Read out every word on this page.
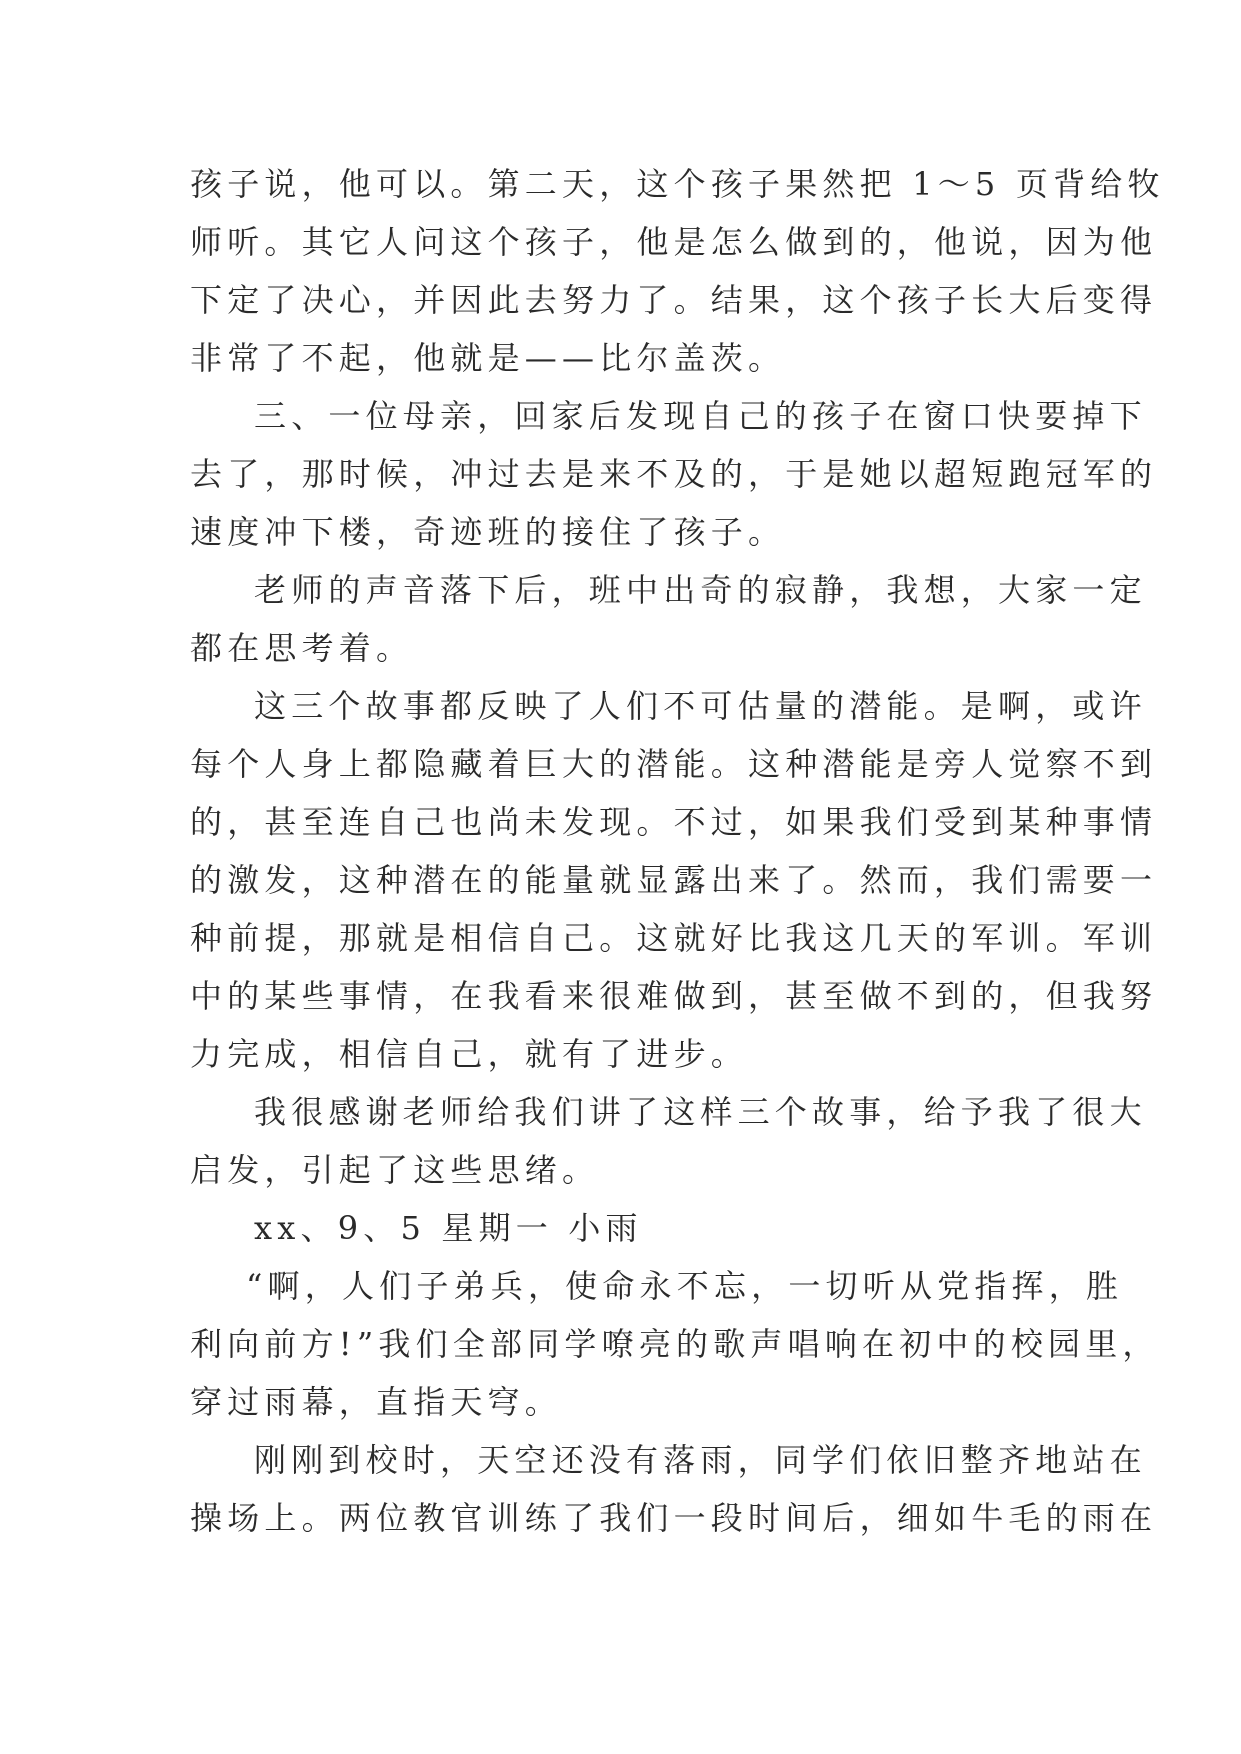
孩子说，他可以。第二天，这个孩子果然把 1～5 页背给牧
师听。其它人问这个孩子，他是怎么做到的，他说，因为他
下定了决心，并因此去努力了。结果，这个孩子长大后变得
非常了不起，他就是——比尔盖茨。
三、一位母亲，回家后发现自己的孩子在窗口快要掉下
去了，那时候，冲过去是来不及的，于是她以超短跑冠军的
速度冲下楼，奇迹班的接住了孩子。
老师的声音落下后，班中出奇的寂静，我想，大家一定
都在思考着。
这三个故事都反映了人们不可估量的潜能。是啊，或许
每个人身上都隐藏着巨大的潜能。这种潜能是旁人觉察不到
的，甚至连自己也尚未发现。不过，如果我们受到某种事情
的激发，这种潜在的能量就显露出来了。然而，我们需要一
种前提，那就是相信自己。这就好比我这几天的军训。军训
中的某些事情，在我看来很难做到，甚至做不到的，但我努
力完成，相信自己，就有了进步。
我很感谢老师给我们讲了这样三个故事，给予我了很大
启发，引起了这些思绪。
xx、9、5 星期一 小雨
“啊，人们子弟兵，使命永不忘，一切听从党指挥，胜
利向前方!”我们全部同学嘹亮的歌声唱响在初中的校园里，
穿过雨幕，直指天穹。
刚刚到校时，天空还没有落雨，同学们依旧整齐地站在
操场上。两位教官训练了我们一段时间后，细如牛毛的雨在
